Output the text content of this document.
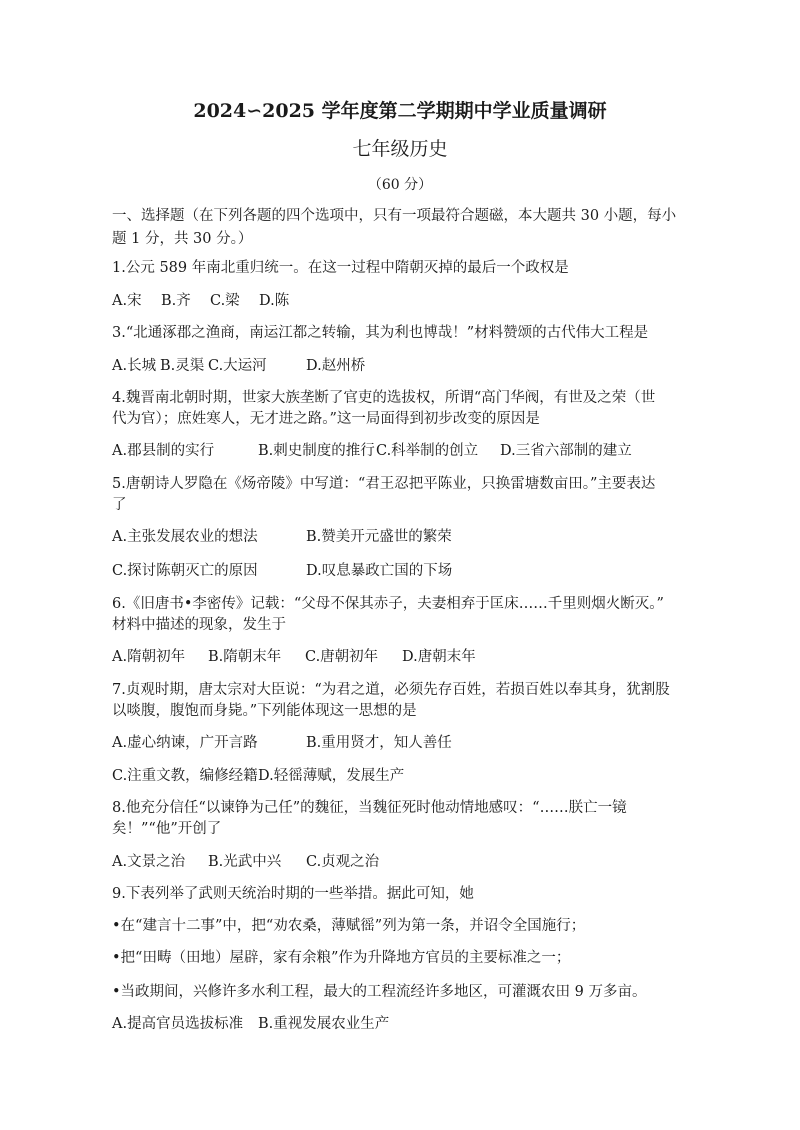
2024∽2025 学年度第二学期期中学业质量调研
七年级历史
（60 分）
一、选择题（在下列各题的四个选项中，只有一项最符合题磁，本大题共 30 小题，每小
题 1 分，共 30 分。）
1.公元 589 年南北重归统一。在这一过程中隋朝灭掉的最后一个政权是
A.宋 B.齐 C.梁 D.陈
3.“北通涿郡之渔商，南运江都之转输，其为利也博哉！”材料赞颂的古代伟大工程是
A.长城 B.灵渠 C.大运河	D.赵州桥
4.魏晋南北朝时期，世家大族垄断了官吏的选拔权，所谓“高门华阀，有世及之荣（世
代为官）；庶姓寒人，无才进之路。”这一局面得到初步改变的原因是
A.郡县制的实行	B.刺史制度的推行 C.科举制的创立 D.三省六部制的建立
5.唐朝诗人罗隐在《炀帝陵》中写道：“君王忍把平陈业，只换雷塘数亩田。”主要表达
了
A.主张发展农业的想法	B.赞美开元盛世的繁荣
C.探讨陈朝灭亡的原因	D.叹息暴政亡国的下场
6.《旧唐书•李密传》记载：“父母不保其赤子，夫妻相弃于匡床……千里则烟火断灭。”
材料中描述的现象，发生于
A.隋朝初年 B.隋朝末年 C.唐朝初年 D.唐朝末年
7.贞观时期，唐太宗对大臣说：“为君之道，必须先存百姓，若损百姓以奉其身，犹割股
以啖腹，腹饱而身毙。”下列能体现这一思想的是
A.虚心纳谏，广开言路	B.重用贤才，知人善任
C.注重文教，编修经籍 D.轻徭薄赋，发展生产
8.他充分信任“以谏铮为己任”的魏征，当魏征死时他动情地感叹：“……朕亡一镜
矣！”“他”开创了
A.文景之治 B.光武中兴 C.贞观之治
9.下表列举了武则天统治时期的一些举措。据此可知，她
•在“建言十二事”中，把“劝农桑，薄赋徭”列为第一条，并诏令全国施行；
•把“田畴（田地）屋辟，家有余粮”作为升降地方官员的主要标准之一；
•当政期间，兴修许多水利工程，最大的工程流经许多地区，可灌溉农田 9 万多亩。
A.提高官员选拔标准 B.重视发展农业生产
